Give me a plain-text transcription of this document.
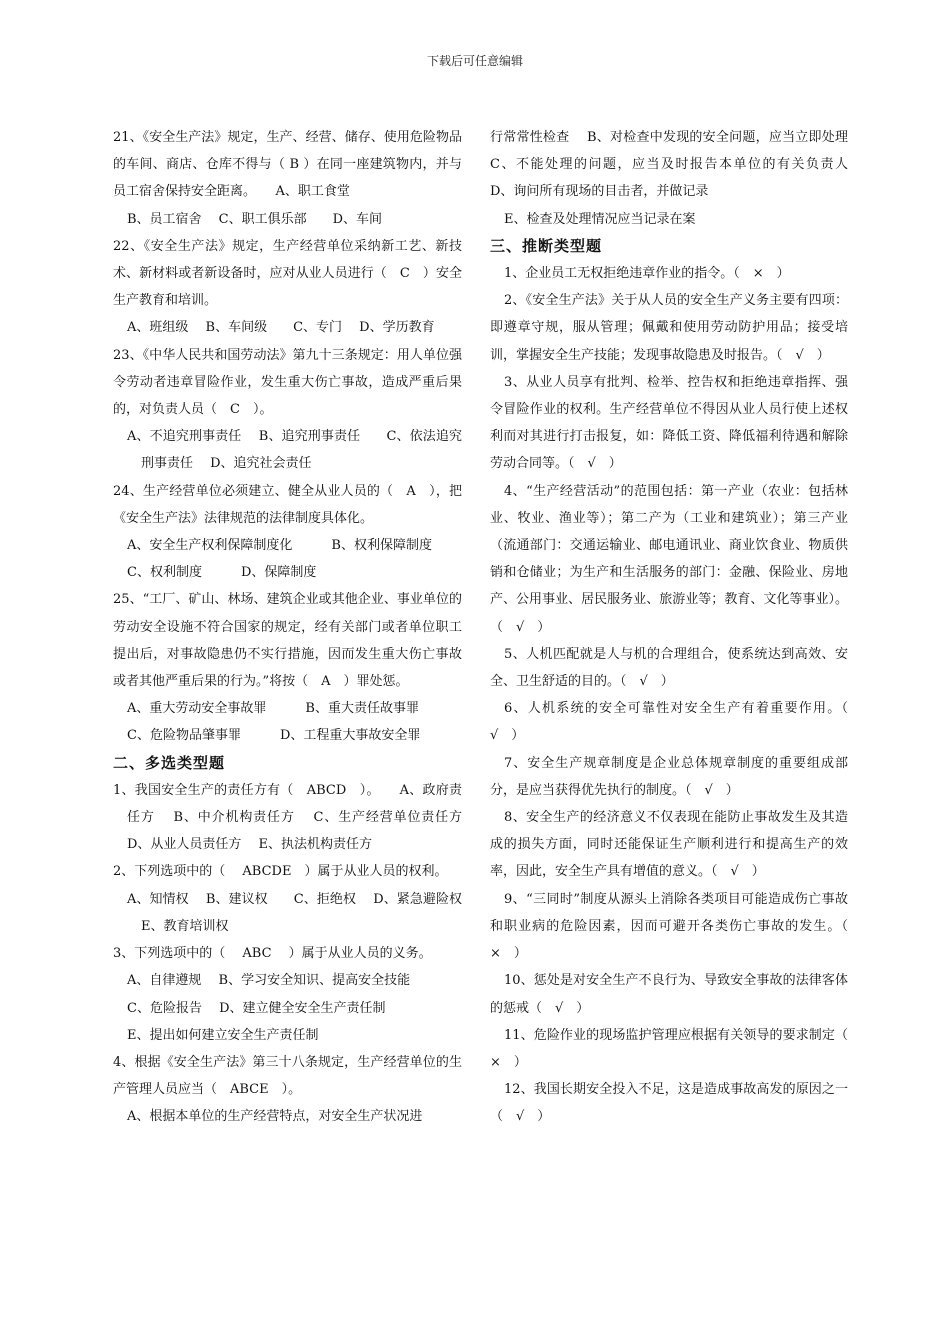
下载后可任意编辑

21、《安全生产法》规定，生产、经营、储存、使用危险物品的车间、商店、仓库不得与（ B ）在同一座建筑物内，并与员工宿舍保持安全距离。　　A、职工食堂

B、员工宿舍　 C、职工俱乐部　　D、车间

22、《安全生产法》规定，生产经营单位采纳新工艺、新技术、新材料或者新设备时，应对从业人员进行（　C　）安全生产教育和培训。

A、班组级　 B、车间级　　C、专门　 D、学历教育

23、《中华人民共和国劳动法》第九十三条规定：用人单位强令劳动者违章冒险作业，发生重大伤亡事故，造成严重后果的，对负责人员（　C　）。

A、不追究刑事责任　 B、追究刑事责任　　C、依法追究刑事责任　 D、追究社会责任

24、生产经营单位必须建立、健全从业人员的（　A　），把《安全生产法》法律规范的法律制度具体化。

A、安全生产权利保障制度化　　　B、权利保障制度

C、权利制度　　　D、保障制度

25、“工厂、矿山、林场、建筑企业或其他企业、事业单位的劳动安全设施不符合国家的规定，经有关部门或者单位职工提出后，对事故隐患仍不实行措施，因而发生重大伤亡事故或者其他严重后果的行为。”将按（　A　）罪处惩。

A、重大劳动安全事故罪　　　B、重大责任故事罪

C、危险物品肇事罪　　　D、工程重大事故安全罪

二、多选类型题

1、我国安全生产的责任方有（　ABCD　）。　　A、政府责任方　 B、中介机构责任方　 C、生产经营单位责任方　 D、从业人员责任方　 E、执法机构责任方

2、下列选项中的（　 ABCDE　）属于从业人员的权利。

A、知情权　 B、建议权　　C、拒绝权　 D、紧急避险权　 E、教育培训权

3、下列选项中的（　 ABC　 ）属于从业人员的义务。

A、自律遵规　 B、学习安全知识、提高安全技能

C、危险报告　 D、建立健全安全生产责任制

E、提出如何建立安全生产责任制

4、根据《安全生产法》第三十八条规定，生产经营单位的生产管理人员应当（　ABCE　）。

A、根据本单位的生产经营特点，对安全生产状况进

行常常性检查　 B、对检查中发现的安全问题，应当立即处理　 C、不能处理的问题，应当及时报告本单位的有关负责人　D、询问所有现场的目击者，并做记录

E、检查及处理情况应当记录在案

三、推断类型题

1、企业员工无权拒绝违章作业的指令。（　×　）

2、《安全生产法》关于从人员的安全生产义务主要有四项：即遵章守规，服从管理；佩戴和使用劳动防护用品；接受培训，掌握安全生产技能；发现事故隐患及时报告。（　√　）

3、从业人员享有批判、检举、控告权和拒绝违章指挥、强令冒险作业的权利。生产经营单位不得因从业人员行使上述权利而对其进行打击报复，如：降低工资、降低福利待遇和解除劳动合同等。（　√　）

4、“生产经营活动”的范围包括：第一产业（农业：包括林业、牧业、渔业等）；第二产为（工业和建筑业）；第三产业（流通部门：交通运输业、邮电通讯业、商业饮食业、物质供销和仓储业；为生产和生活服务的部门：金融、保险业、房地产、公用事业、居民服务业、旅游业等；教育、文化等事业）。（　√　）

5、人机匹配就是人与机的合理组合，使系统达到高效、安全、卫生舒适的目的。（　√　）

6、人机系统的安全可靠性对安全生产有着重要作用。（　√　）

7、安全生产规章制度是企业总体规章制度的重要组成部分，是应当获得优先执行的制度。（　√　）

8、安全生产的经济意义不仅表现在能防止事故发生及其造成的损失方面，同时还能保证生产顺利进行和提高生产的效率，因此，安全生产具有增值的意义。（　√　）

9、“三同时”制度从源头上消除各类项目可能造成伤亡事故和职业病的危险因素，因而可避开各类伤亡事故的发生。（　×　）

10、惩处是对安全生产不良行为、导致安全事故的法律客体的惩戒（　√　）

11、危险作业的现场监护管理应根据有关领导的要求制定（　×　）

12、我国长期安全投入不足，这是造成事故高发的原因之一（　√　）
